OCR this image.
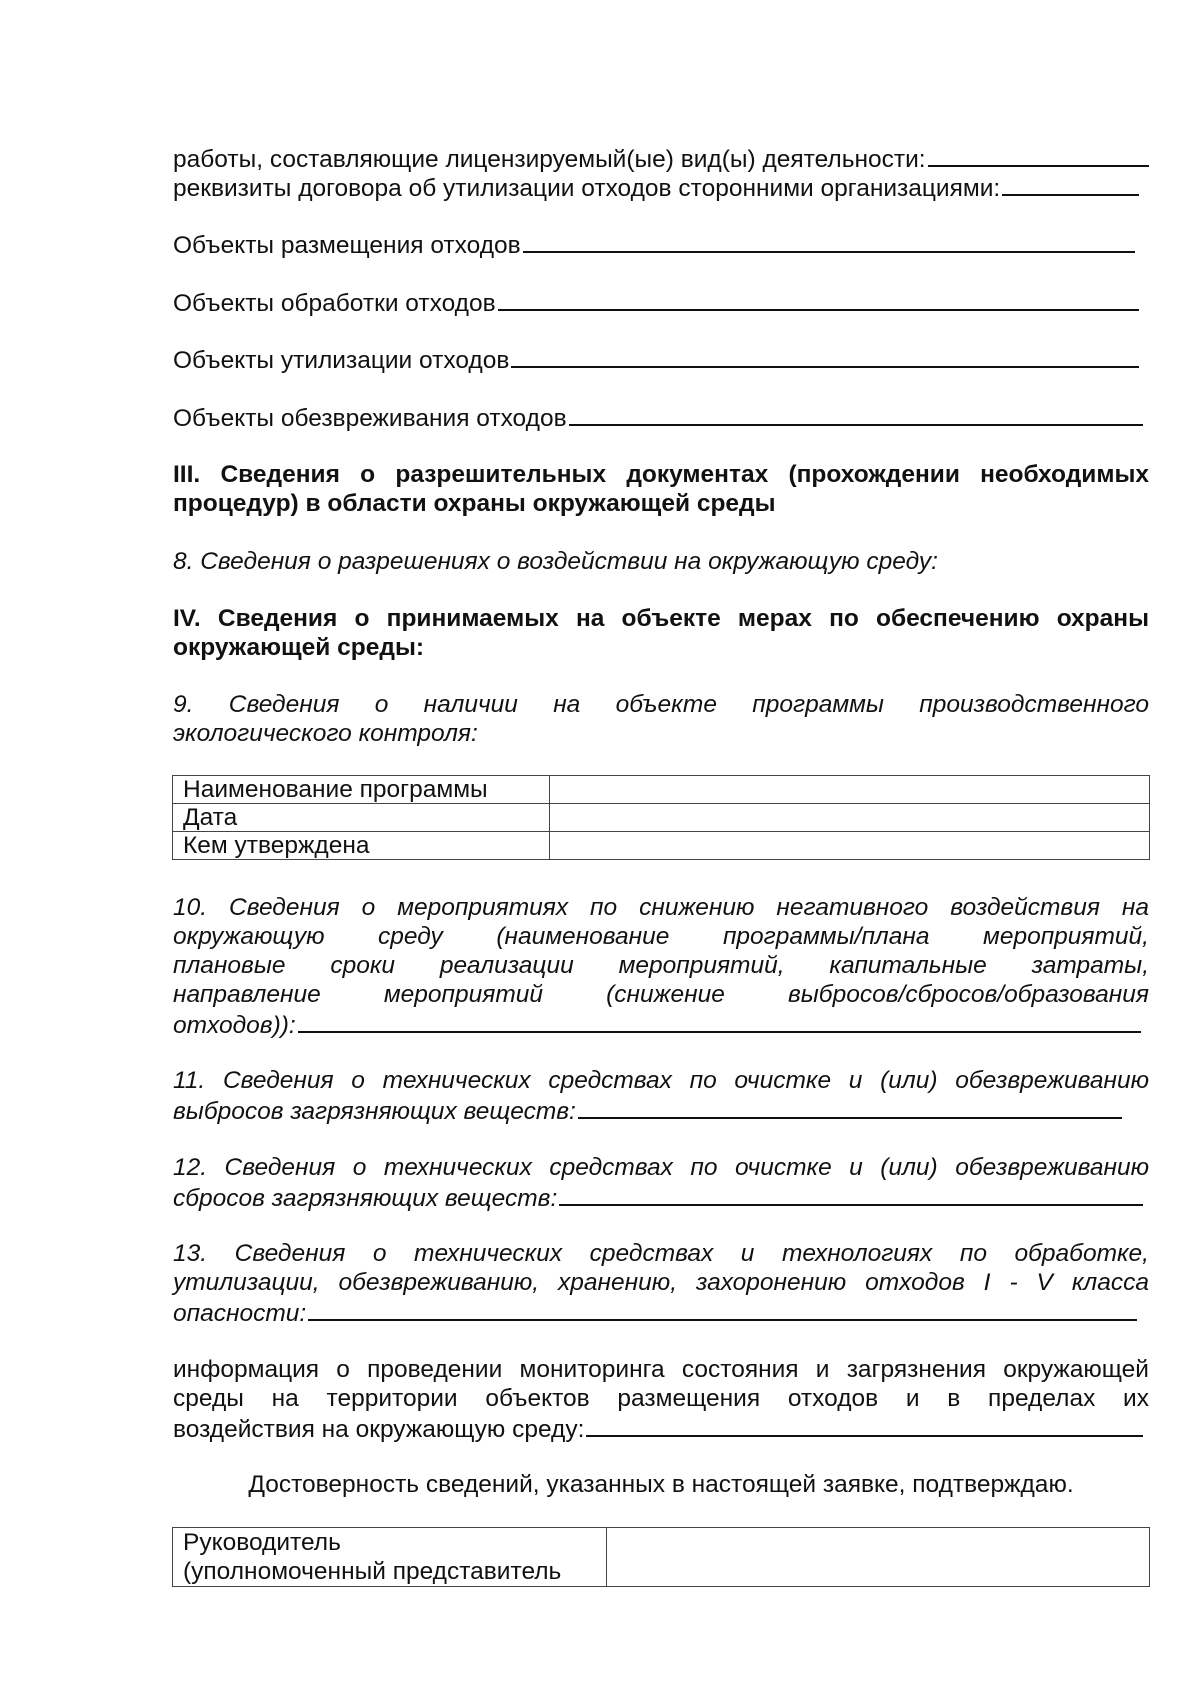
работы, составляющие лицензируемый(ые) вид(ы) деятельности:
реквизиты договора об утилизации отходов сторонними организациями:
Объекты размещения отходов
Объекты обработки отходов
Объекты утилизации отходов
Объекты обезвреживания отходов
III. Сведения о разрешительных документах (прохождении необходимых
процедур) в области охраны окружающей среды
8. Сведения о разрешениях о воздействии на окружающую среду:
IV. Сведения о принимаемых на объекте мерах по обеспечению охраны
окружающей среды:
9. Сведения о наличии на объекте программы производственного
экологического контроля:
Наименование программы	
Дата	
Кем утверждена	
10. Сведения о мероприятиях по снижению негативного воздействия на
окружающую среду (наименование программы/плана мероприятий,
плановые сроки реализации мероприятий, капитальные затраты,
направление мероприятий (снижение выбросов/сбросов/образования
отходов)):
11. Сведения о технических средствах по очистке и (или) обезвреживанию
выбросов загрязняющих веществ:
12. Сведения о технических средствах по очистке и (или) обезвреживанию
сбросов загрязняющих веществ:
13. Сведения о технических средствах и технологиях по обработке,
утилизации, обезвреживанию, хранению, захоронению отходов I - V класса
опасности:
информация о проведении мониторинга состояния и загрязнения окружающей
среды на территории объектов размещения отходов и в пределах их
воздействия на окружающую среду:
Достоверность сведений, указанных в настоящей заявке, подтверждаю.
Руководитель
(уполномоченный представитель
